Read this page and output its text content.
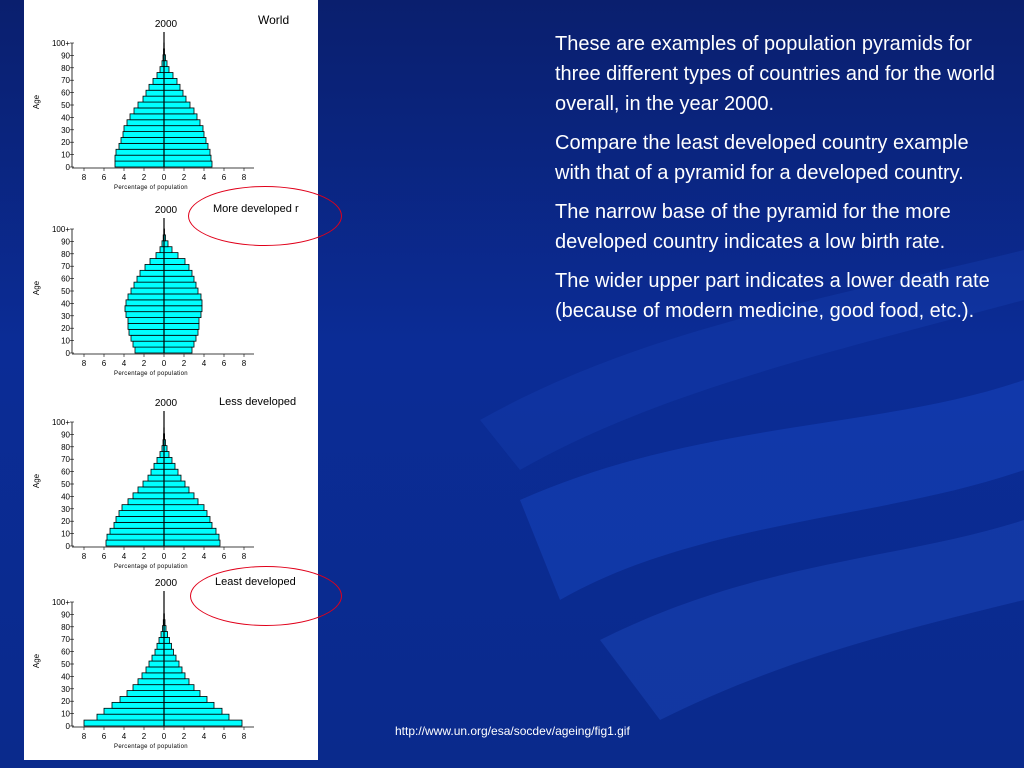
2000	World
Age
0
10
20
30
40
50
60
70
80
90
100+
8 6 4 2 0 2 4 6 8
Percentage of population
2000	More developed r
Age
0
10
20
30
40
50
60
70
80
90
100+
8 6 4 2 0 2 4 6 8
Percentage of population
2000	Less developed
Age
0
10
20
30
40
50
60
70
80
90
100+
8 6 4 2 0 2 4 6 8
Percentage of population
2000	Least developed
Age
0
10
20
30
40
50
60
70
80
90
100+
8 6 4 2 0 2 4 6 8
Percentage of population

These are examples of population pyramids for three different types of countries and for the world overall, in the year 2000.

Compare the least developed country example with that of a pyramid for a developed country.

The narrow base of the pyramid for the more developed country indicates a low birth rate.

The wider upper part indicates a lower death rate (because of modern medicine, good food, etc.).

http://www.un.org/esa/socdev/ageing/fig1.gif
